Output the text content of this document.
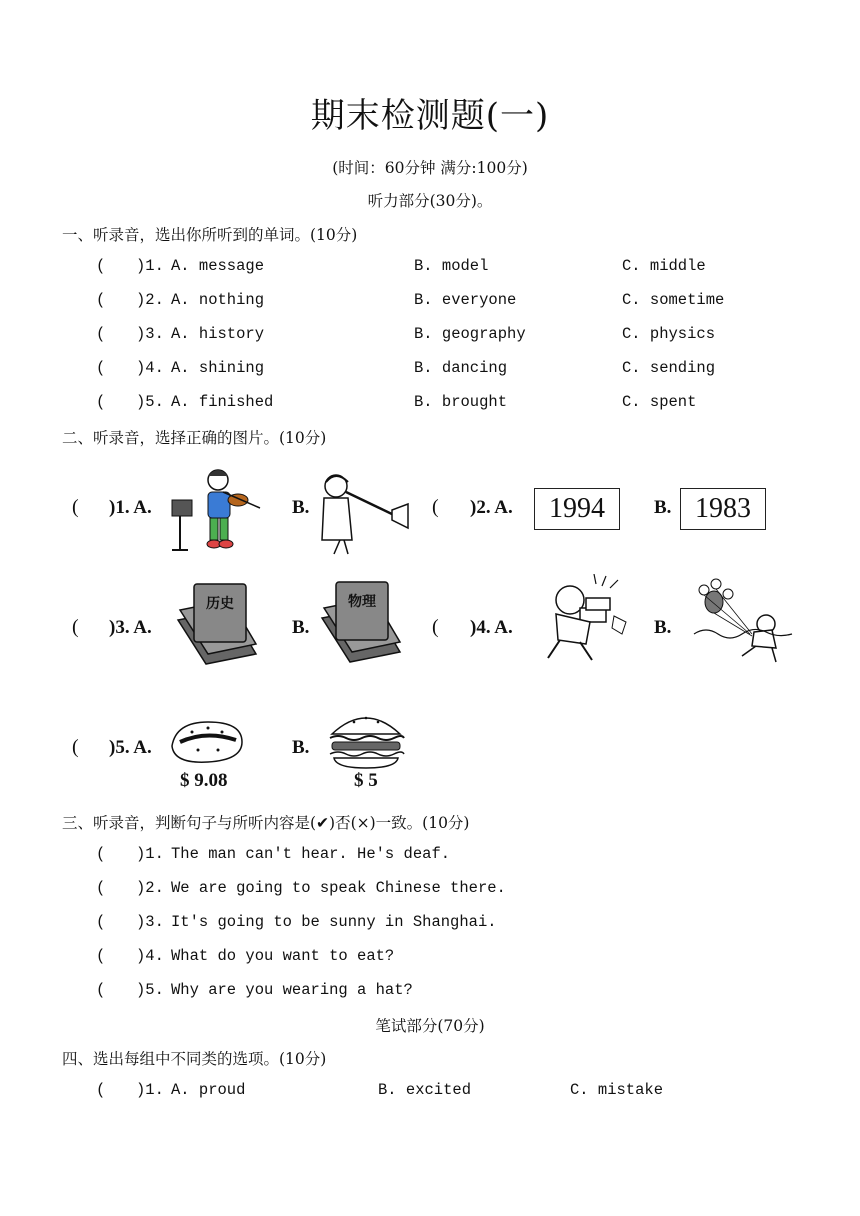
期末检测题(一)
(时间：60分钟 满分:100分)
听力部分(30分)。
一、听录音，选出你所听到的单词。(10分)
( )1. A. message	B. model	C. middle
( )2. A. nothing	B. everyone	C. sometime
( )3. A. history	B. geography	C. physics
( )4. A. shining	B. dancing	C. sending
( )5. A. finished	B. brought	C. spent
二、听录音，选择正确的图片。(10分)
( )1. A.	B.	( )2. A.	1994	B. 1983
( )3. A.
历史
B.
物理
( )4. A.	B.
( )5. A.
$ 9.08
B.
$ 5
三、听录音，判断句子与所听内容是(✔)否(×)一致。(10分)
( )1. The man can't hear. He's deaf.
( )2. We are going to speak Chinese there.
( )3. It's going to be sunny in Shanghai.
( )4. What do you want to eat?
( )5. Why are you wearing a hat?
笔试部分(70分)
四、选出每组中不同类的选项。(10分)
( )1. A. proud	B. excited	C. mistake
